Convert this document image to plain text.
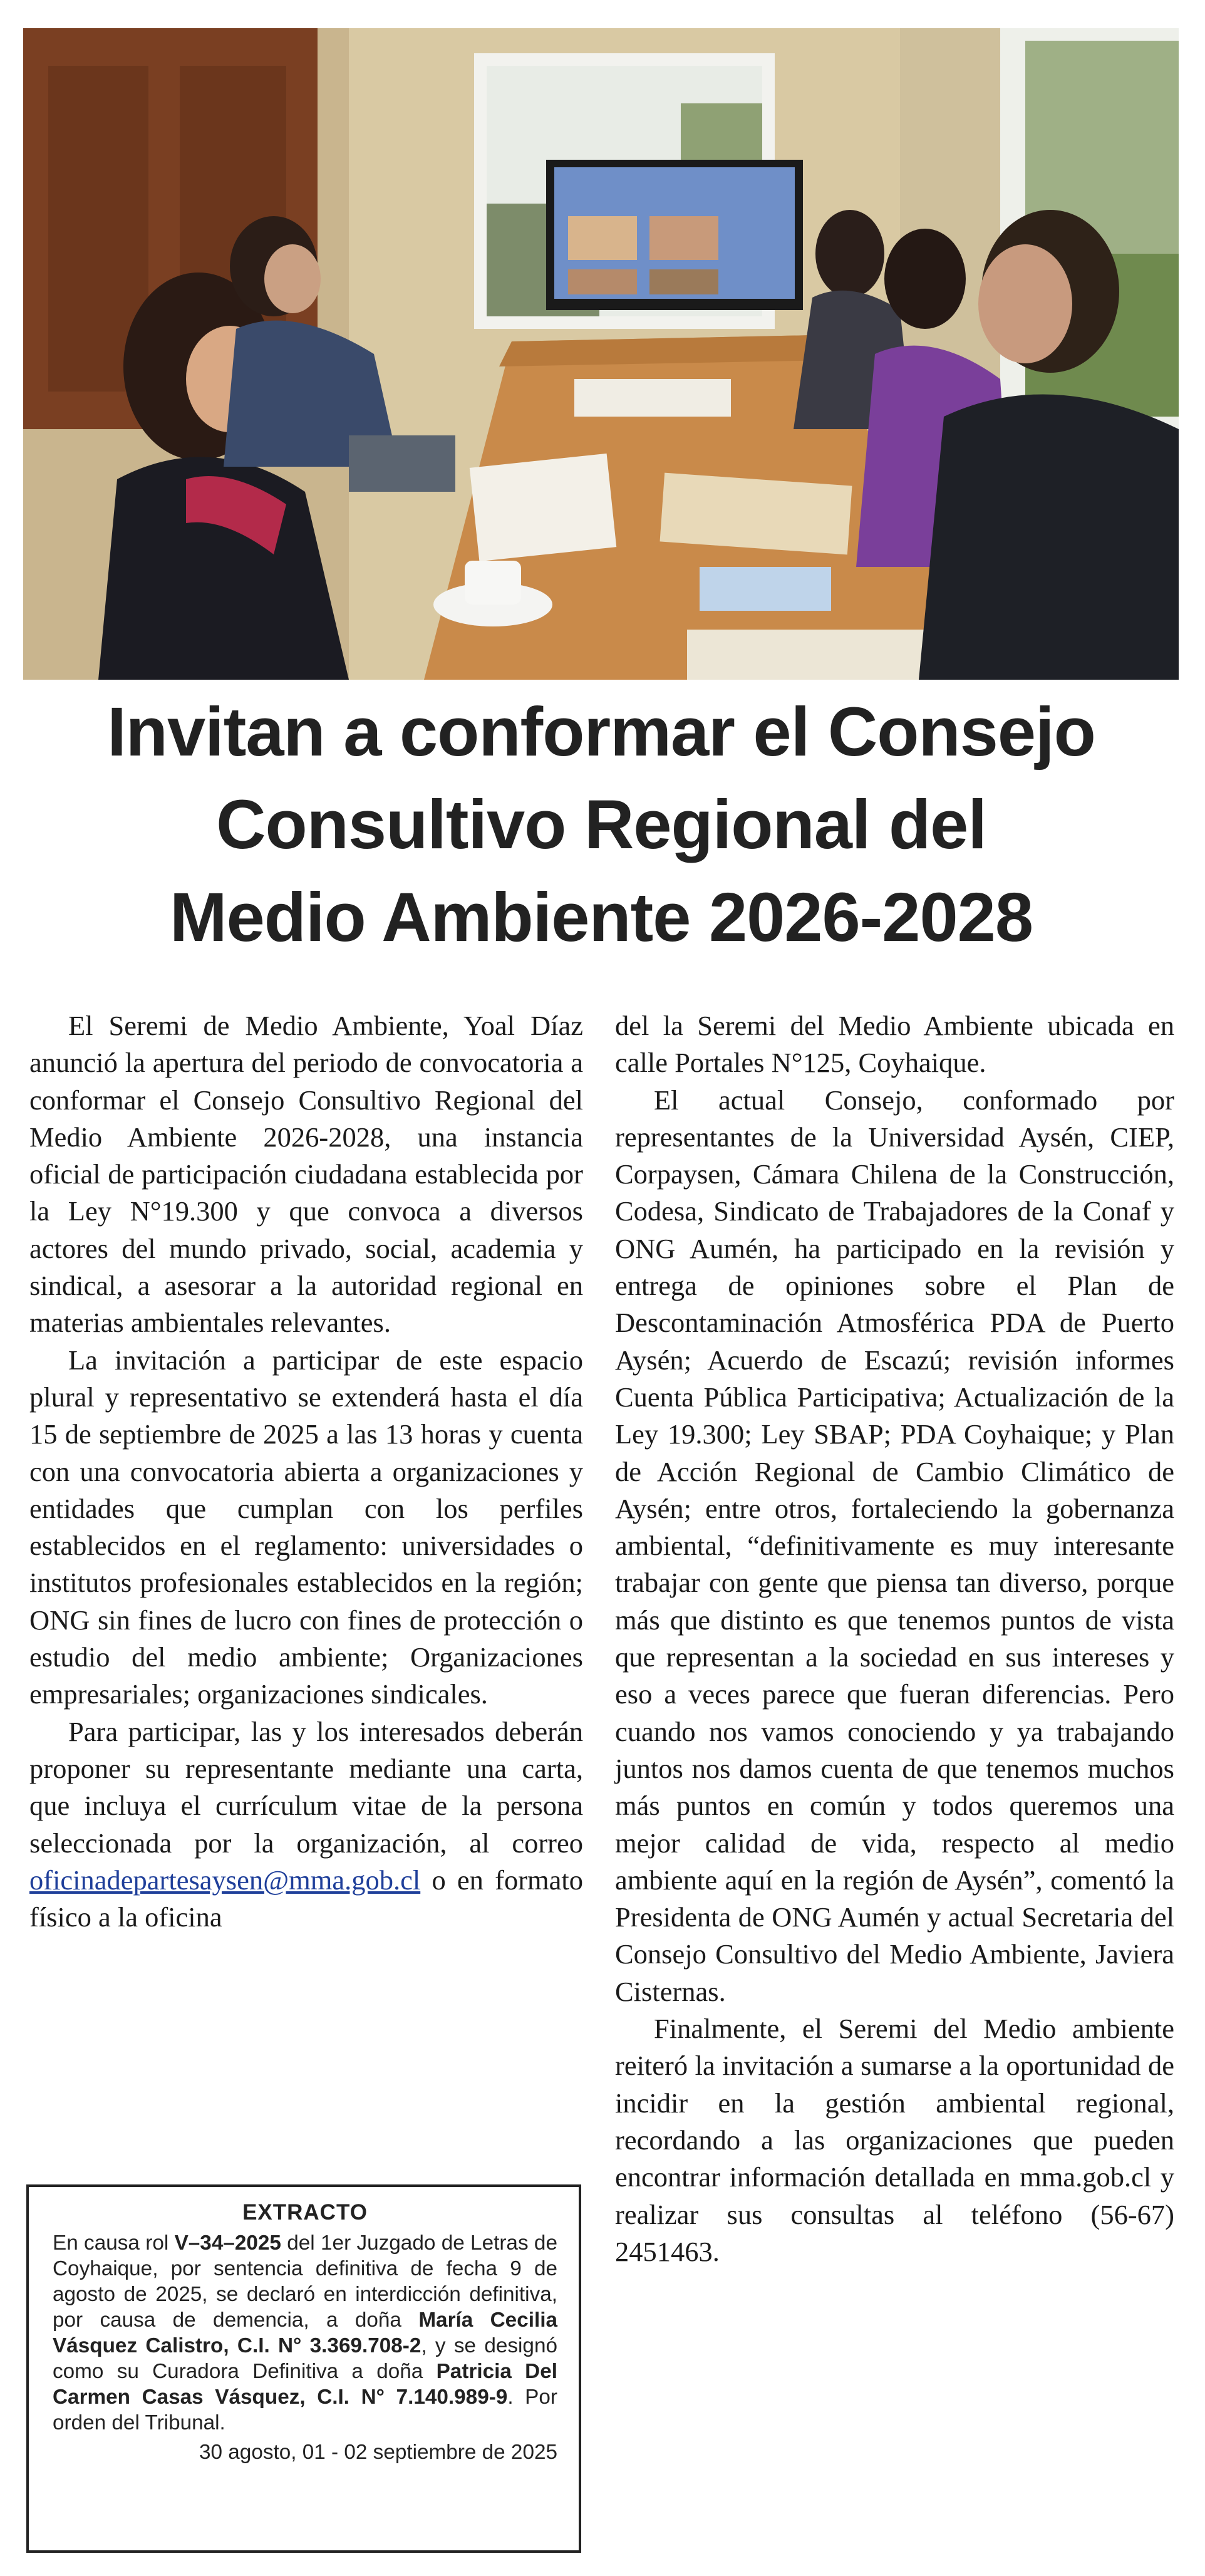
Invitan a conformar el Consejo
Consultivo Regional del
Medio Ambiente 2026-2028

El Seremi de Medio Ambiente, Yoal Díaz anunció la apertura del periodo de convocatoria a conformar el Consejo Consultivo Regional del Medio Ambiente 2026-2028, una instancia oficial de participación ciudadana establecida por la Ley N°19.300 y que convoca a diversos actores del mundo privado, social, academia y sindical, a asesorar a la autoridad regional en materias ambientales relevantes.

La invitación a participar de este espacio plural y representativo se extenderá hasta el día 15 de septiembre de 2025 a las 13 horas y cuenta con una convocatoria abierta a organizaciones y entidades que cumplan con los perfiles establecidos en el reglamento: universidades o institutos profesionales establecidos en la región; ONG sin fines de lucro con fines de protección o estudio del medio ambiente; Organizaciones empresariales; organizaciones sindicales.

Para participar, las y los interesados deberán proponer su representante mediante una carta, que incluya el currículum vitae de la persona seleccionada por la organización, al correo oficinadepartesaysen@mma.gob.cl o en formato físico a la oficina

del la Seremi del Medio Ambiente ubicada en calle Portales N°125, Coyhaique.

El actual Consejo, conformado por representantes de la Universidad Aysén, CIEP, Corpaysen, Cámara Chilena de la Construcción, Codesa, Sindicato de Trabajadores de la Conaf y ONG Aumén, ha participado en la revisión y entrega de opiniones sobre el Plan de Descontaminación Atmosférica PDA de Puerto Aysén; Acuerdo de Escazú; revisión informes Cuenta Pública Participativa; Actualización de la Ley 19.300; Ley SBAP; PDA Coyhaique; y Plan de Acción Regional de Cambio Climático de Aysén; entre otros, fortaleciendo la gobernanza ambiental, “definitivamente es muy interesante trabajar con gente que piensa tan diverso, porque más que distinto es que tenemos puntos de vista que representan a la sociedad en sus intereses y eso a veces parece que fueran diferencias. Pero cuando nos vamos conociendo y ya trabajando juntos nos damos cuenta de que tenemos muchos más puntos en común y todos queremos una mejor calidad de vida, respecto al medio ambiente aquí en la región de Aysén”, comentó la Presidenta de ONG Aumén y actual Secretaria del Consejo Consultivo del Medio Ambiente, Javiera Cisternas.

Finalmente, el Seremi del Medio ambiente reiteró la invitación a sumarse a la oportunidad de incidir en la gestión ambiental regional, recordando a las organizaciones que pueden encontrar información detallada en mma.gob.cl y realizar sus consultas al teléfono (56-67) 2451463.

EXTRACTO

En causa rol V–34–2025 del 1er Juzgado de Letras de Coyhaique, por sentencia definitiva de fecha 9 de agosto de 2025, se declaró en interdicción definitiva, por causa de demencia, a doña María Cecilia Vásquez Calistro, C.I. N° 3.369.708-2, y se designó como su Curadora Definitiva a doña Patricia Del Carmen Casas Vásquez, C.I. N° 7.140.989-9. Por orden del Tribunal.

30 agosto, 01 - 02 septiembre de 2025
